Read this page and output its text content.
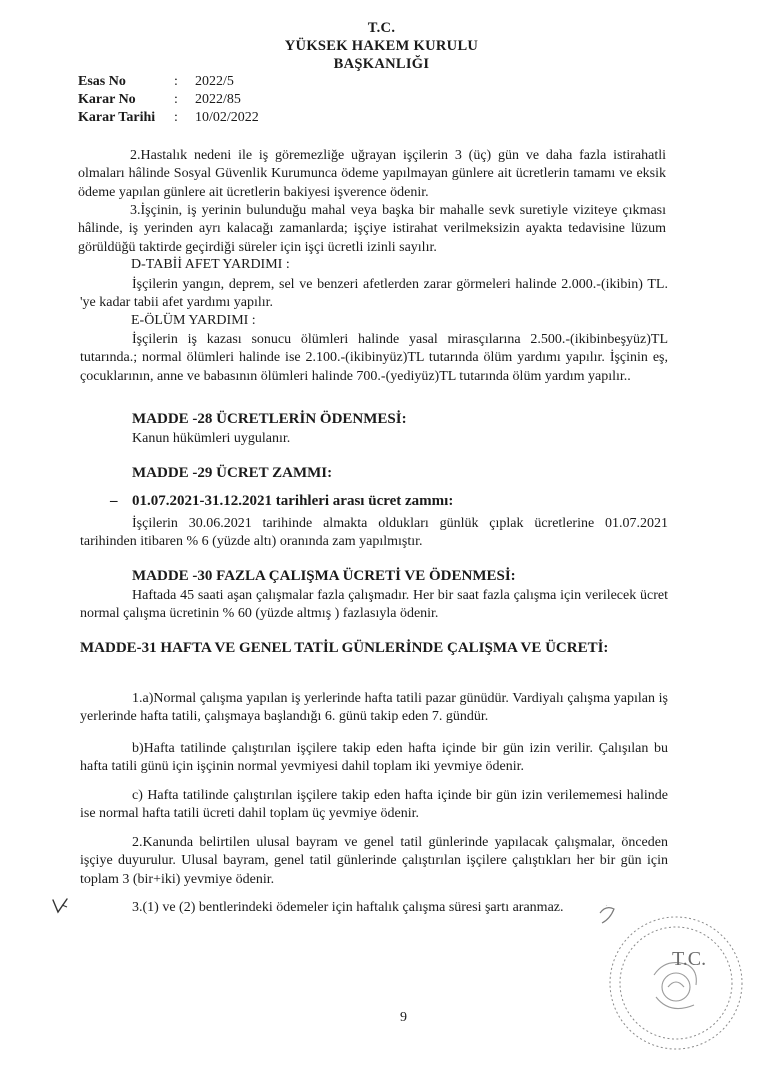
T.C.
YÜKSEK HAKEM KURULU
BAŞKANLIĞI
Esas No	: 2022/5
Karar No	: 2022/85
Karar Tarihi : 10/02/2022
2.Hastalık nedeni ile iş göremezliğe uğrayan işçilerin 3 (üç) gün ve daha fazla istirahatli olmaları hâlinde Sosyal Güvenlik Kurumunca ödeme yapılmayan günlere ait ücretlerin tamamı ve eksik ödeme yapılan günlere ait ücretlerin bakiyesi işverence ödenir.
3.İşçinin, iş yerinin bulunduğu mahal veya başka bir mahalle sevk suretiyle viziteye çıkması hâlinde, iş yerinden ayrı kalacağı zamanlarda; işçiye istirahat verilmeksizin ayakta tedavisine lüzum görüldüğü taktirde geçirdiği süreler için işçi ücretli izinli sayılır.
D-TABİİ AFET YARDIMI :
İşçilerin yangın, deprem, sel ve benzeri afetlerden zarar görmeleri halinde 2.000.-(ikibin) TL. 'ye kadar tabii afet yardımı yapılır.
E-ÖLÜM YARDIMI :
İşçilerin iş kazası sonucu ölümleri halinde yasal mirasçılarına 2.500.-(ikibinbeşyüz)TL tutarında.; normal ölümleri halinde ise 2.100.-(ikibinyüz)TL tutarında ölüm yardımı yapılır. İşçinin eş, çocuklarının, anne ve babasının ölümleri halinde 700.-(yediyüz)TL tutarında ölüm yardım yapılır..
MADDE -28 ÜCRETLERİN ÖDENMESİ:
Kanun hükümleri uygulanır.
MADDE -29 ÜCRET ZAMMI:
– 01.07.2021-31.12.2021 tarihleri arası ücret zammı:
İşçilerin 30.06.2021 tarihinde almakta oldukları günlük çıplak ücretlerine 01.07.2021 tarihinden itibaren % 6 (yüzde altı) oranında zam yapılmıştır.
MADDE -30 FAZLA ÇALIŞMA ÜCRETİ VE ÖDENMESİ:
Haftada 45 saati aşan çalışmalar fazla çalışmadır. Her bir saat fazla çalışma için verilecek ücret normal çalışma ücretinin % 60 (yüzde altmış ) fazlasıyla ödenir.
MADDE-31 HAFTA VE GENEL TATİL GÜNLERİNDE ÇALIŞMA VE ÜCRETİ:
1.a)Normal çalışma yapılan iş yerlerinde hafta tatili pazar günüdür. Vardiyalı çalışma yapılan iş yerlerinde hafta tatili, çalışmaya başlandığı 6. günü takip eden 7. gündür.
b)Hafta tatilinde çalıştırılan işçilere takip eden hafta içinde bir gün izin verilir. Çalışılan bu hafta tatili günü için işçinin normal yevmiyesi dahil toplam iki yevmiye ödenir.
c) Hafta tatilinde çalıştırılan işçilere takip eden hafta içinde bir gün izin verilememesi halinde ise normal hafta tatili ücreti dahil toplam üç yevmiye ödenir.
2.Kanunda belirtilen ulusal bayram ve genel tatil günlerinde yapılacak çalışmalar, önceden işçiye duyurulur. Ulusal bayram, genel tatil günlerinde çalıştırılan işçilere çalıştıkları her bir gün için toplam 3 (bir+iki) yevmiye ödenir.
3.(1) ve (2) bentlerindeki ödemeler için haftalık çalışma süresi şartı aranmaz.
9
T.C.
